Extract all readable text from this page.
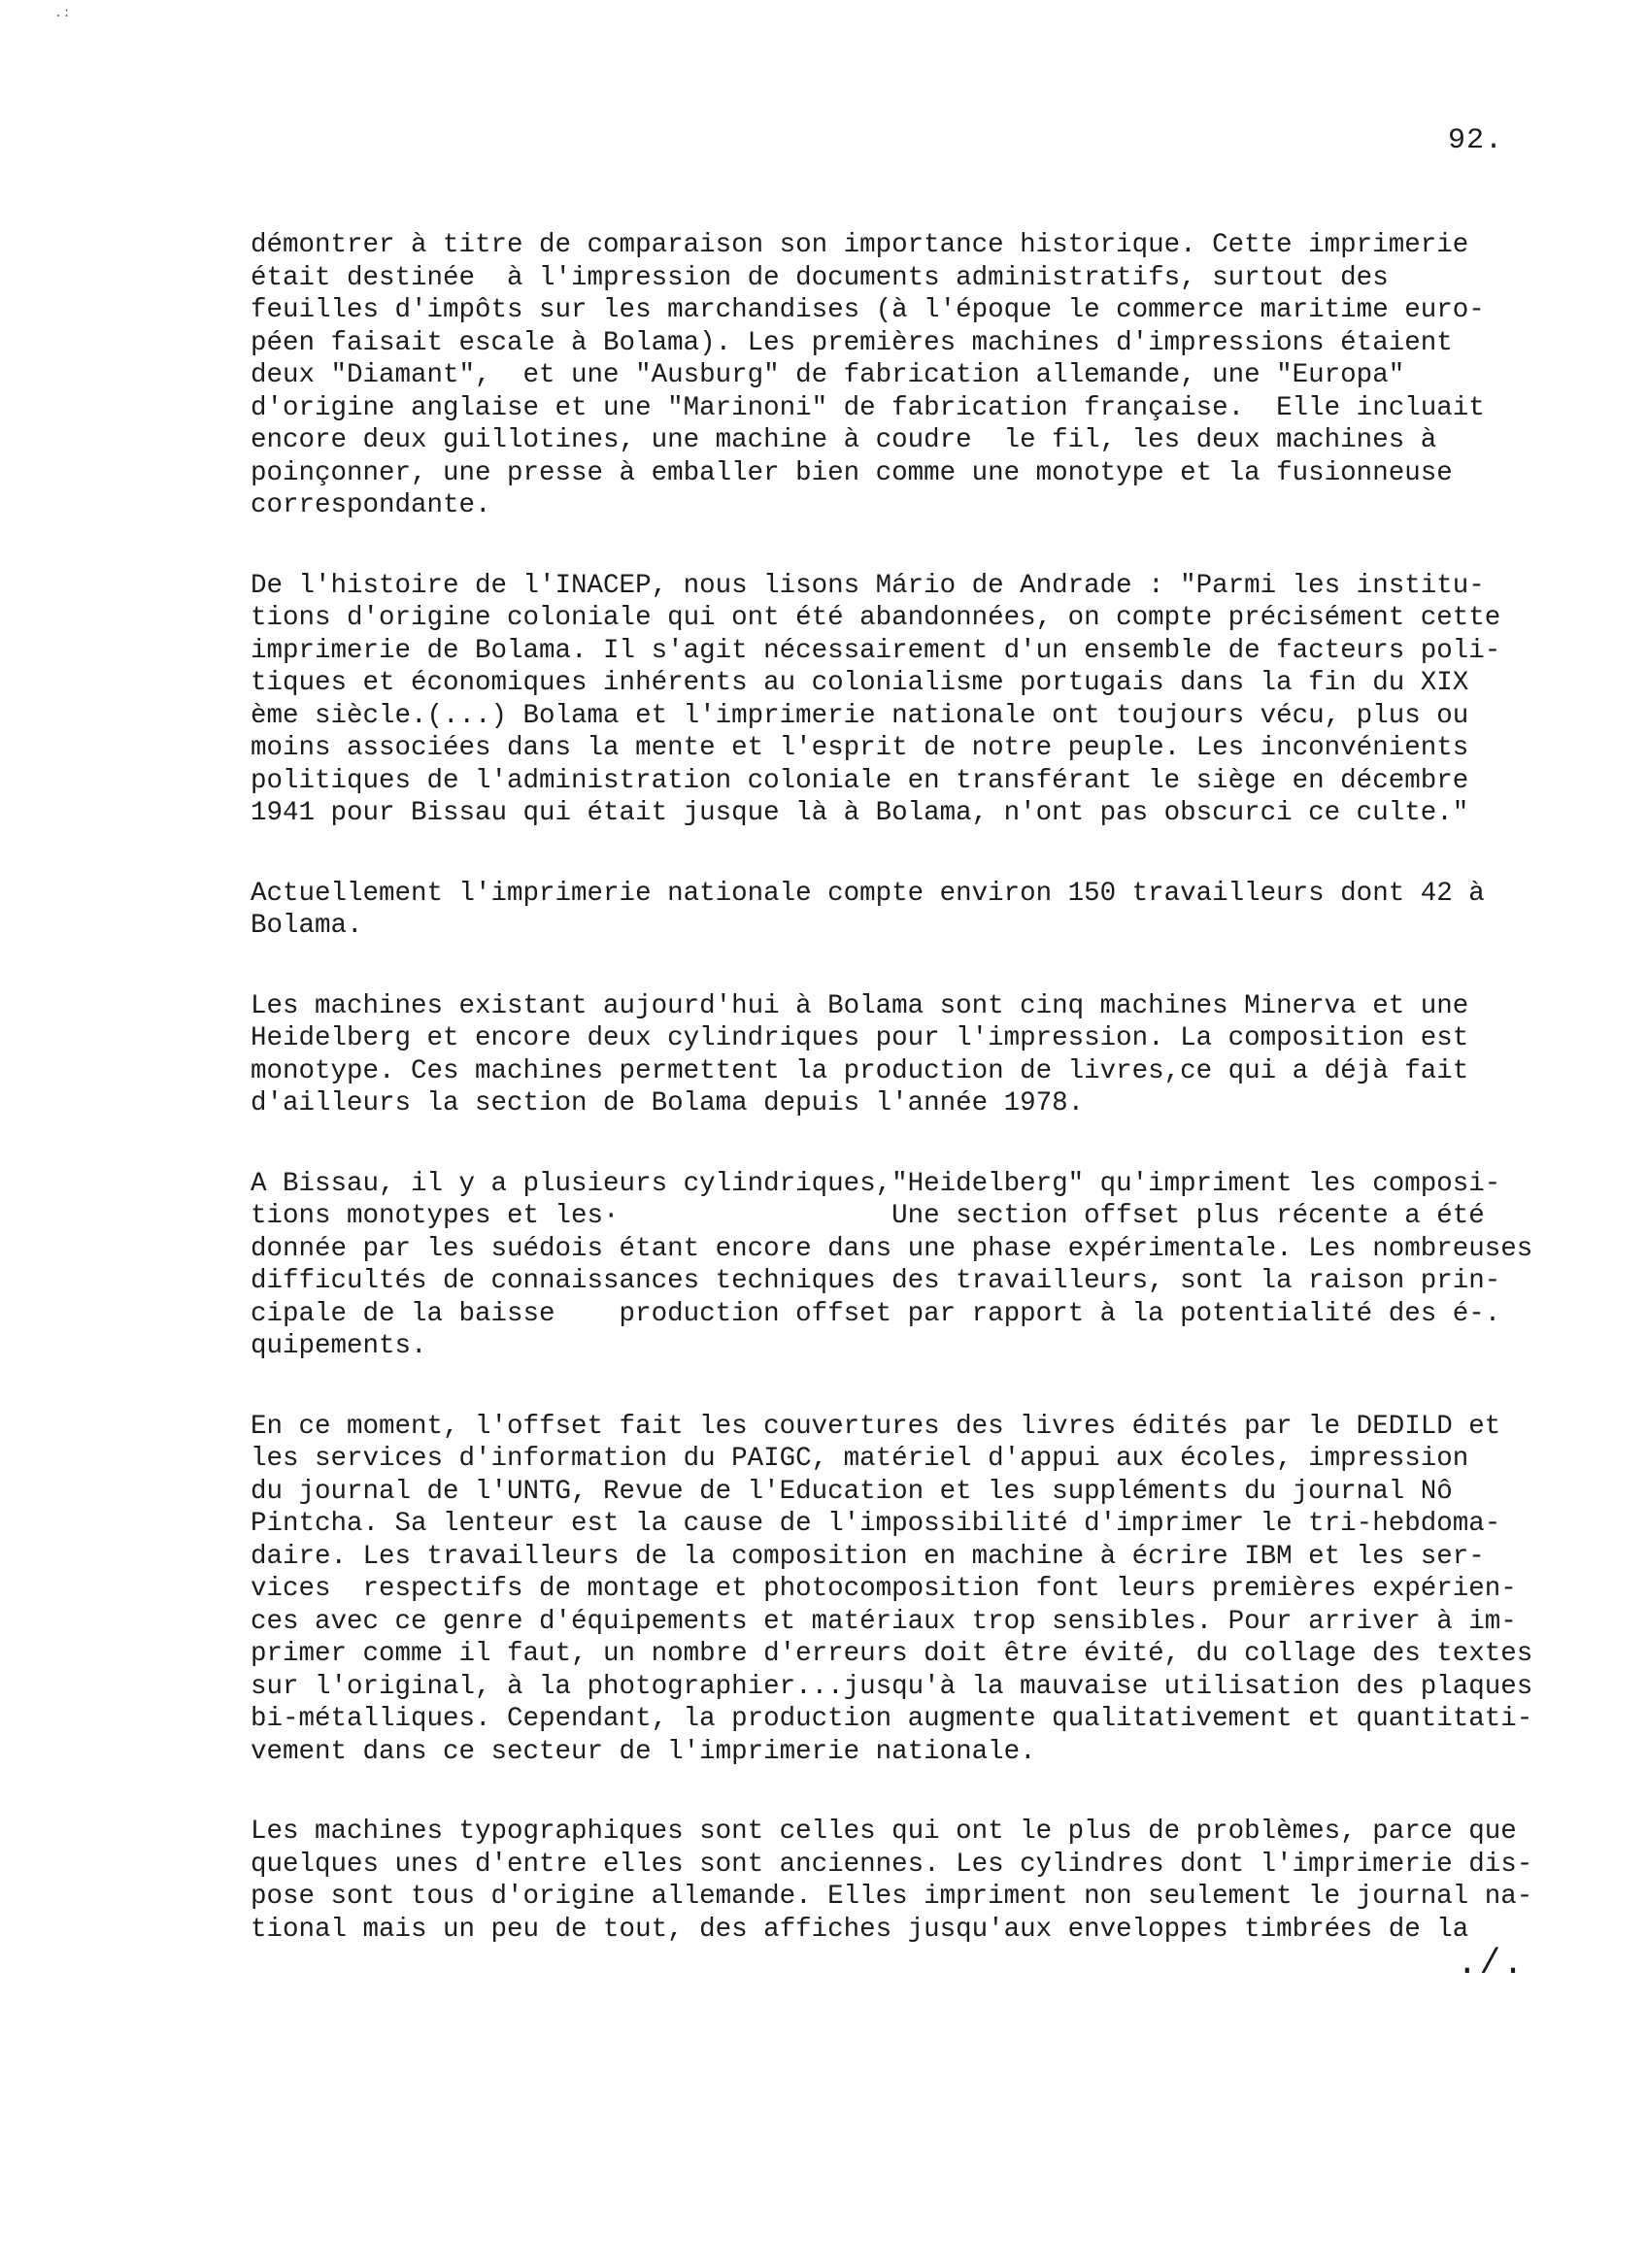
.:
92.
démontrer à titre de comparaison son importance historique. Cette imprimerie
était destinée  à l'impression de documents administratifs, surtout des
feuilles d'impôts sur les marchandises (à l'époque le commerce maritime euro-
péen faisait escale à Bolama). Les premières machines d'impressions étaient
deux "Diamant",  et une "Ausburg" de fabrication allemande, une "Europa"
d'origine anglaise et une "Marinoni" de fabrication française.  Elle incluait
encore deux guillotines, une machine à coudre  le fil, les deux machines à
poinçonner, une presse à emballer bien comme une monotype et la fusionneuse
correspondante.
De l'histoire de l'INACEP, nous lisons Mário de Andrade : "Parmi les institu-
tions d'origine coloniale qui ont été abandonnées, on compte précisément cette
imprimerie de Bolama. Il s'agit nécessairement d'un ensemble de facteurs poli-
tiques et économiques inhérents au colonialisme portugais dans la fin du XIX
ème siècle.(...) Bolama et l'imprimerie nationale ont toujours vécu, plus ou
moins associées dans la mente et l'esprit de notre peuple. Les inconvénients
politiques de l'administration coloniale en transférant le siège en décembre
1941 pour Bissau qui était jusque là à Bolama, n'ont pas obscurci ce culte."
Actuellement l'imprimerie nationale compte environ 150 travailleurs dont 42 à
Bolama.
Les machines existant aujourd'hui à Bolama sont cinq machines Minerva et une
Heidelberg et encore deux cylindriques pour l'impression. La composition est
monotype. Ces machines permettent la production de livres,ce qui a déjà fait
d'ailleurs la section de Bolama depuis l'année 1978.
A Bissau, il y a plusieurs cylindriques,"Heidelberg" qu'impriment les composi-
tions monotypes et les·                 Une section offset plus récente a été
donnée par les suédois étant encore dans une phase expérimentale. Les nombreuses
difficultés de connaissances techniques des travailleurs, sont la raison prin-
cipale de la baisse    production offset par rapport à la potentialité des é-.
quipements.
En ce moment, l'offset fait les couvertures des livres édités par le DEDILD et
les services d'information du PAIGC, matériel d'appui aux écoles, impression
du journal de l'UNTG, Revue de l'Education et les suppléments du journal Nô
Pintcha. Sa lenteur est la cause de l'impossibilité d'imprimer le tri-hebdoma-
daire. Les travailleurs de la composition en machine à écrire IBM et les ser-
vices  respectifs de montage et photocomposition font leurs premières expérien-
ces avec ce genre d'équipements et matériaux trop sensibles. Pour arriver à im-
primer comme il faut, un nombre d'erreurs doit être évité, du collage des textes
sur l'original, à la photographier...jusqu'à la mauvaise utilisation des plaques
bi-métalliques. Cependant, la production augmente qualitativement et quantitati-
vement dans ce secteur de l'imprimerie nationale.
Les machines typographiques sont celles qui ont le plus de problèmes, parce que
quelques unes d'entre elles sont anciennes. Les cylindres dont l'imprimerie dis-
pose sont tous d'origine allemande. Elles impriment non seulement le journal na-
tional mais un peu de tout, des affiches jusqu'aux enveloppes timbrées de la
./.
